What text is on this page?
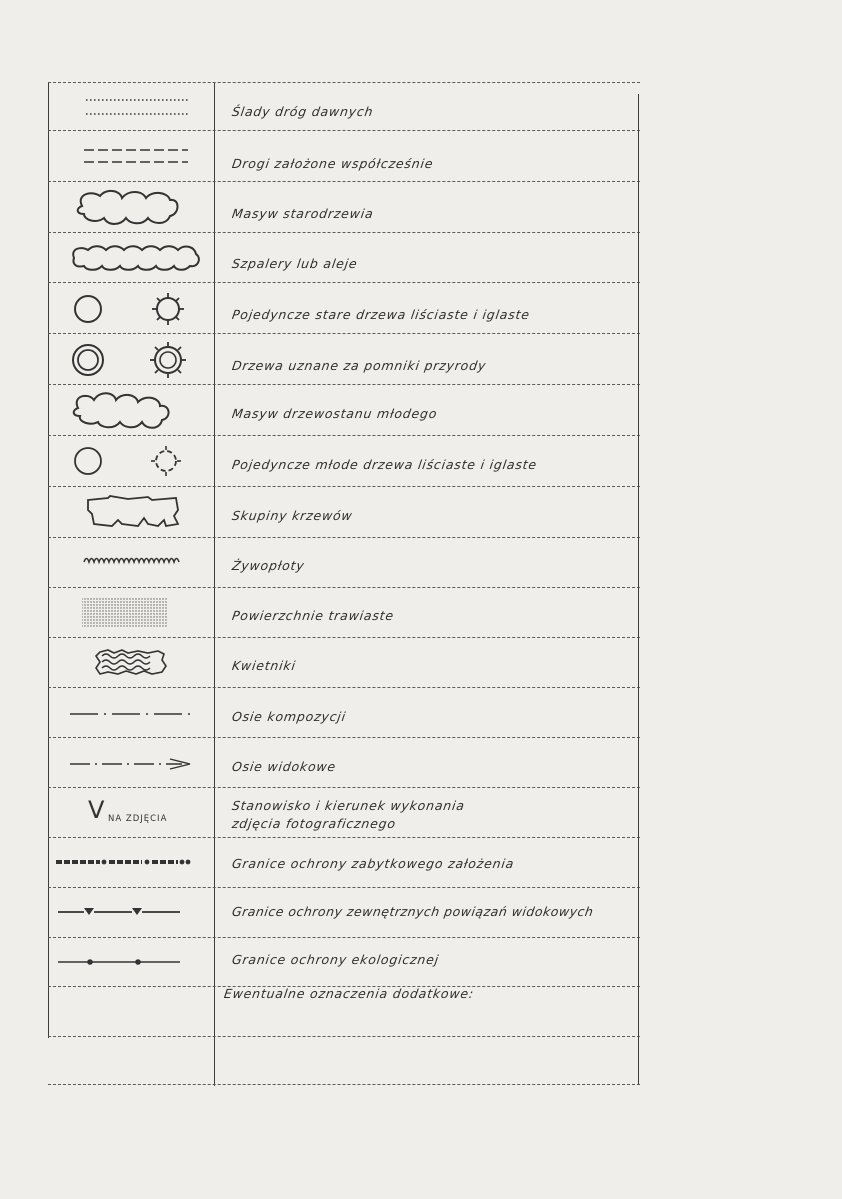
V NA ZDJĘCIA
Ślady dróg dawnych
Drogi założone współcześnie
Masyw starodrzewia
Szpalery lub aleje
Pojedyncze stare drzewa liściaste i iglaste
Drzewa uznane za pomniki przyrody
Masyw drzewostanu młodego
Pojedyncze młode drzewa liściaste i iglaste
Skupiny krzewów
Żywopłoty
Powierzchnie trawiaste
Kwietniki
Osie kompozycji
Osie widokowe
Stanowisko i kierunek wykonania
zdjęcia fotograficznego
Granice ochrony zabytkowego założenia
Granice ochrony zewnętrznych powiązań widokowych
Granice ochrony ekologicznej
Ewentualne oznaczenia dodatkowe:
